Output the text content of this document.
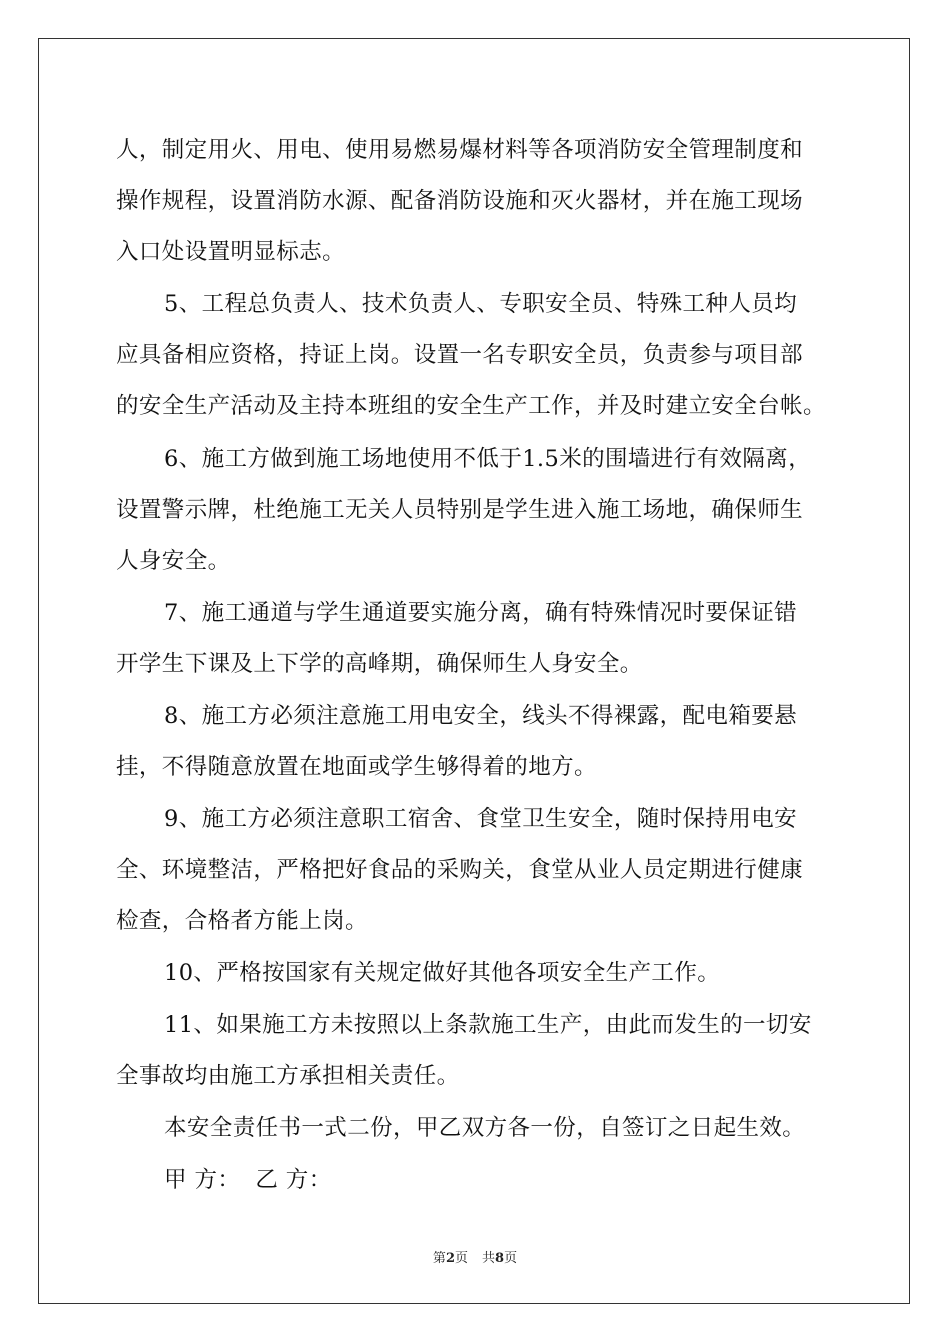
人，制定用火、用电、使用易燃易爆材料等各项消防安全管理制度和
操作规程，设置消防水源、配备消防设施和灭火器材，并在施工现场
入口处设置明显标志。
5、工程总负责人、技术负责人、专职安全员、特殊工种人员均
应具备相应资格，持证上岗。设置一名专职安全员，负责参与项目部
的安全生产活动及主持本班组的安全生产工作，并及时建立安全台帐。
6、施工方做到施工场地使用不低于1.5米的围墙进行有效隔离，
设置警示牌，杜绝施工无关人员特别是学生进入施工场地，确保师生
人身安全。
7、施工通道与学生通道要实施分离，确有特殊情况时要保证错
开学生下课及上下学的高峰期，确保师生人身安全。
8、施工方必须注意施工用电安全，线头不得裸露，配电箱要悬
挂，不得随意放置在地面或学生够得着的地方。
9、施工方必须注意职工宿舍、食堂卫生安全，随时保持用电安
全、环境整洁，严格把好食品的采购关，食堂从业人员定期进行健康
检查，合格者方能上岗。
10、严格按国家有关规定做好其他各项安全生产工作。
11、如果施工方未按照以上条款施工生产，由此而发生的一切安
全事故均由施工方承担相关责任。
本安全责任书一式二份，甲乙双方各一份，自签订之日起生效。
甲 方：  乙 方：
第2页 共8页
